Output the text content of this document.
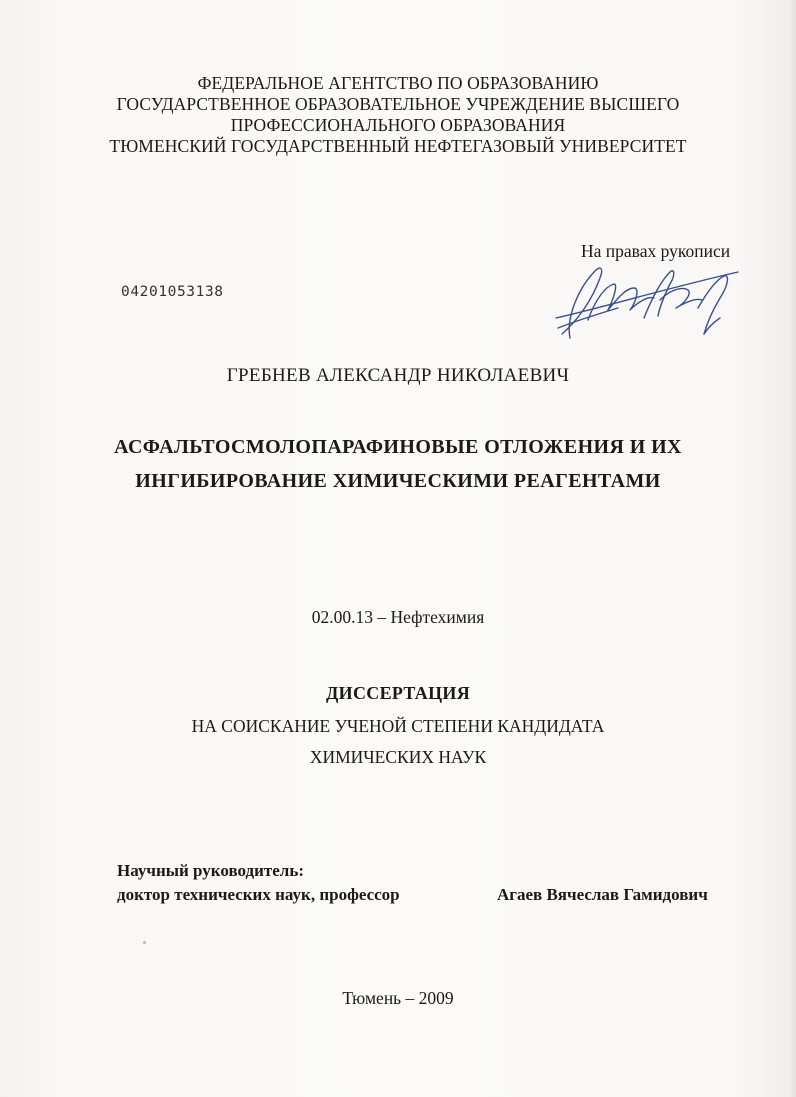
ФЕДЕРАЛЬНОЕ АГЕНТСТВО ПО ОБРАЗОВАНИЮ
ГОСУДАРСТВЕННОЕ ОБРАЗОВАТЕЛЬНОЕ УЧРЕЖДЕНИЕ ВЫСШЕГО
ПРОФЕССИОНАЛЬНОГО ОБРАЗОВАНИЯ
ТЮМЕНСКИЙ ГОСУДАРСТВЕННЫЙ НЕФТЕГАЗОВЫЙ УНИВЕРСИТЕТ
На правах рукописи
04201053138
ГРЕБНЕВ АЛЕКСАНДР НИКОЛАЕВИЧ
АСФАЛЬТОСМОЛОПАРАФИНОВЫЕ ОТЛОЖЕНИЯ И ИХ
ИНГИБИРОВАНИЕ ХИМИЧЕСКИМИ РЕАГЕНТАМИ
02.00.13 – Нефтехимия
ДИССЕРТАЦИЯ
НА СОИСКАНИЕ УЧЕНОЙ СТЕПЕНИ КАНДИДАТА
ХИМИЧЕСКИХ НАУК
Научный руководитель:
доктор технических наук, профессор	Агаев Вячеслав Гамидович
Тюмень – 2009
